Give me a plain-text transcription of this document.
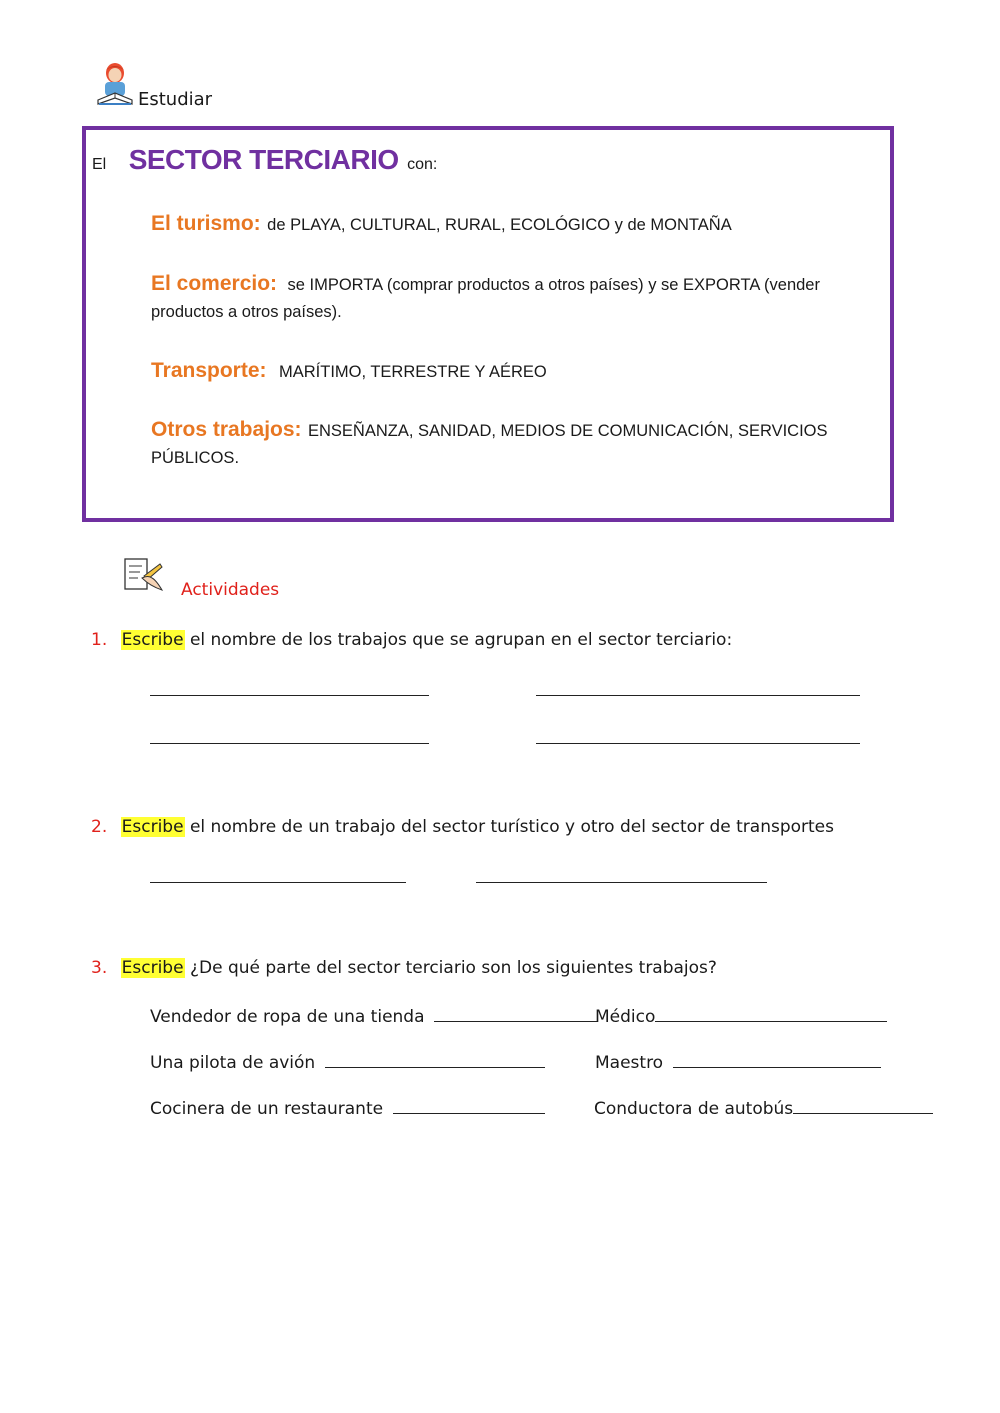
Estudiar
El SECTOR TERCIARIO con:
El turismo: de PLAYA, CULTURAL, RURAL, ECOLÓGICO y de MONTAÑA
El comercio: se IMPORTA (comprar productos a otros países) y se EXPORTA (vender productos a otros países).
Transporte: MARÍTIMO, TERRESTRE Y AÉREO
Otros trabajos: ENSEÑANZA, SANIDAD, MEDIOS DE COMUNICACIÓN, SERVICIOS PÚBLICOS.
Actividades
1. Escribe el nombre de los trabajos que se agrupan en el sector terciario:
2. Escribe el nombre de un trabajo del sector turístico y otro del sector de transportes
3. Escribe ¿De qué parte del sector terciario son los siguientes trabajos?
Vendedor de ropa de una tienda	Médico
Una pilota de avión	Maestro
Cocinera de un restaurante	Conductora de autobús
